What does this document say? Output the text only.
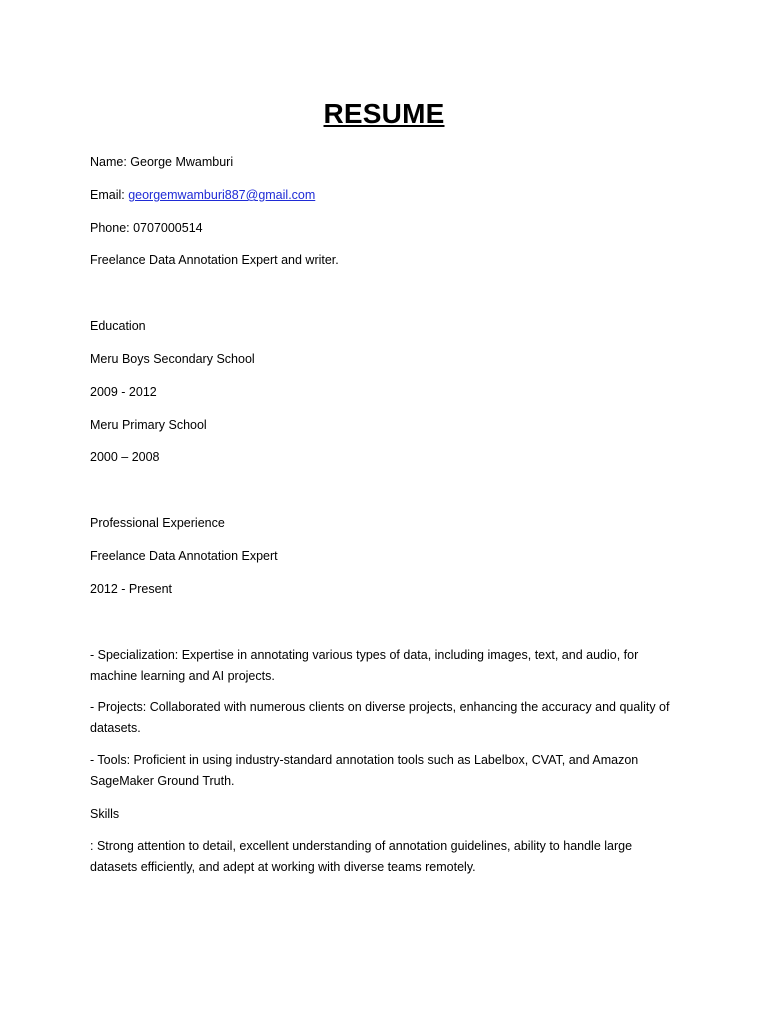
RESUME
Name: George Mwamburi
Email: georgemwamburi887@gmail.com
Phone: 0707000514
Freelance Data Annotation Expert and writer.
Education
Meru Boys Secondary School
2009 - 2012
Meru Primary School
2000 – 2008
Professional Experience
Freelance Data Annotation Expert
2012 - Present
- Specialization: Expertise in annotating various types of data, including images, text, and audio, for machine learning and AI projects.
- Projects: Collaborated with numerous clients on diverse projects, enhancing the accuracy and quality of datasets.
- Tools: Proficient in using industry-standard annotation tools such as Labelbox, CVAT, and Amazon SageMaker Ground Truth.
Skills
: Strong attention to detail, excellent understanding of annotation guidelines, ability to handle large datasets efficiently, and adept at working with diverse teams remotely.
